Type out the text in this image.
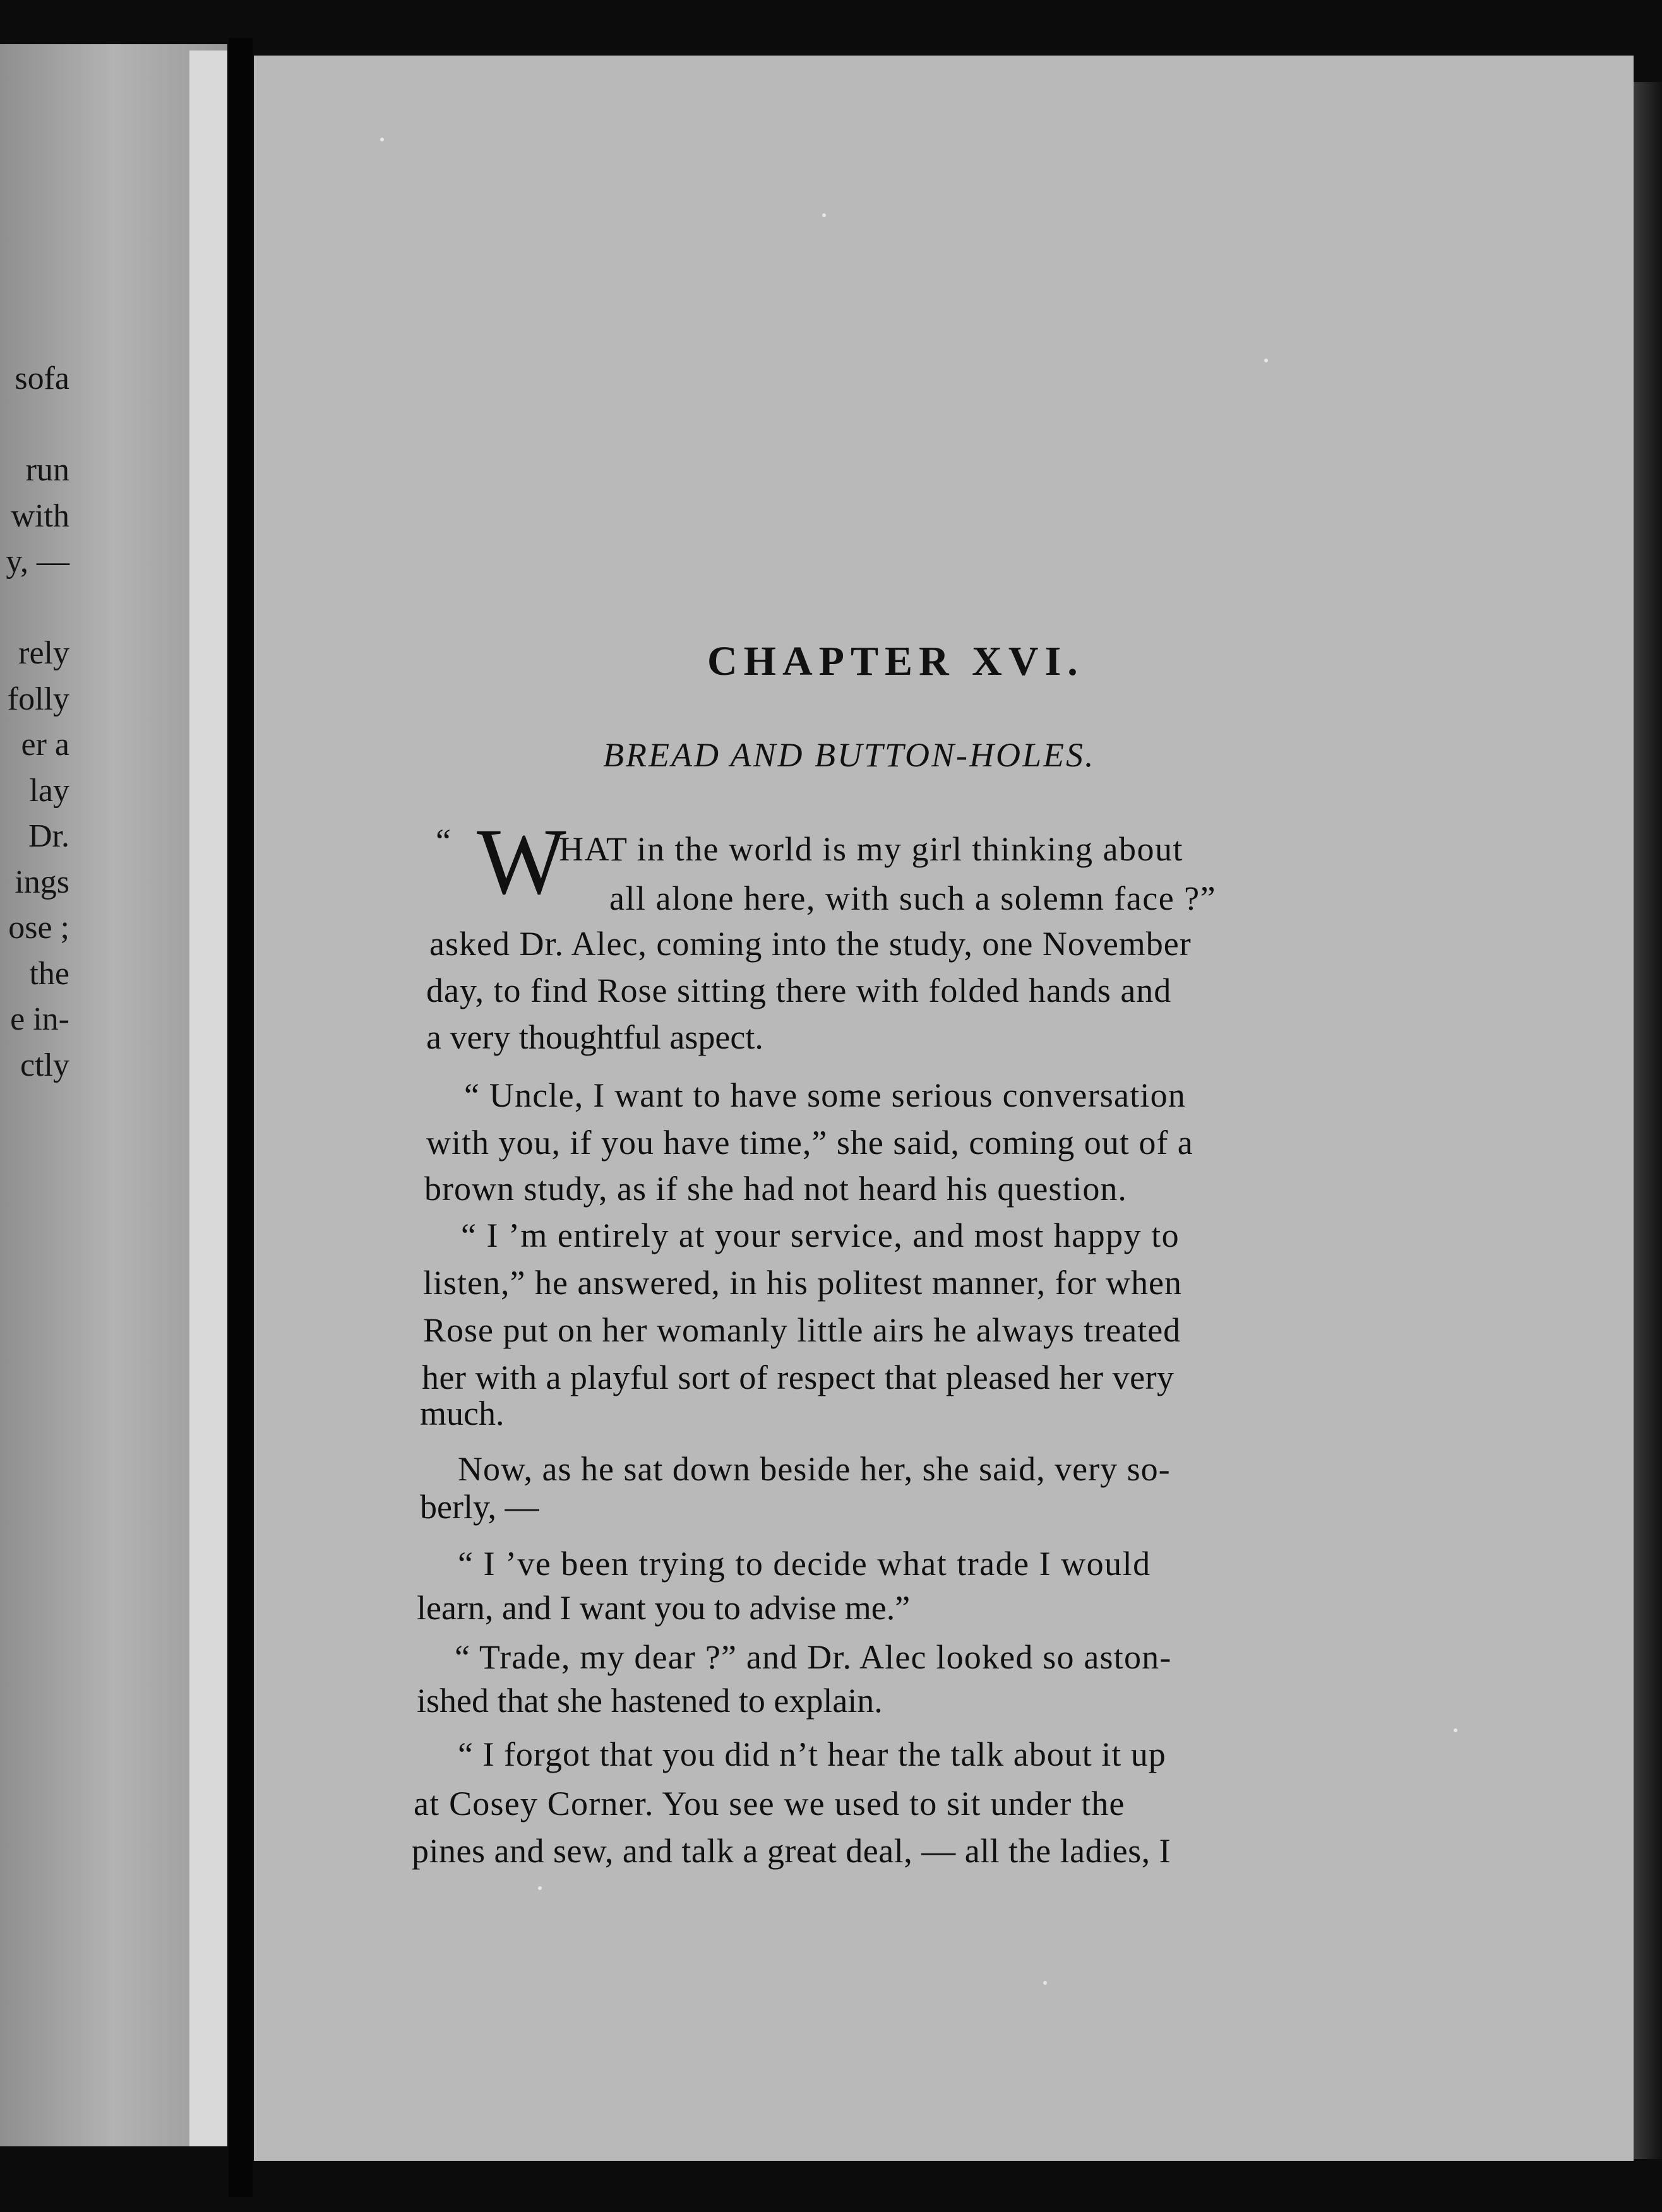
sofa
run
with
y, —
rely
folly
er a
lay
Dr.
ings
ose ;
the
e in-
ctly
CHAPTER XVI.
BREAD AND BUTTON-HOLES.
“ W
HAT in the world is my girl thinking about
all alone here, with such a solemn face ?”
asked Dr. Alec, coming into the study, one November
day, to find Rose sitting there with folded hands and
a very thoughtful aspect.
“ Uncle, I want to have some serious conversation
with you, if you have time,” she said, coming out of a
brown study, as if she had not heard his question.
“ I ’m entirely at your service, and most happy to
listen,” he answered, in his politest manner, for when
Rose put on her womanly little airs he always treated
her with a playful sort of respect that pleased her very
much.
Now, as he sat down beside her, she said, very so-
berly, —
“ I ’ve been trying to decide what trade I would
learn, and I want you to advise me.”
“ Trade, my dear ?” and Dr. Alec looked so aston-
ished that she hastened to explain.
“ I forgot that you did n’t hear the talk about it up
at Cosey Corner. You see we used to sit under the
pines and sew, and talk a great deal, — all the ladies, I
